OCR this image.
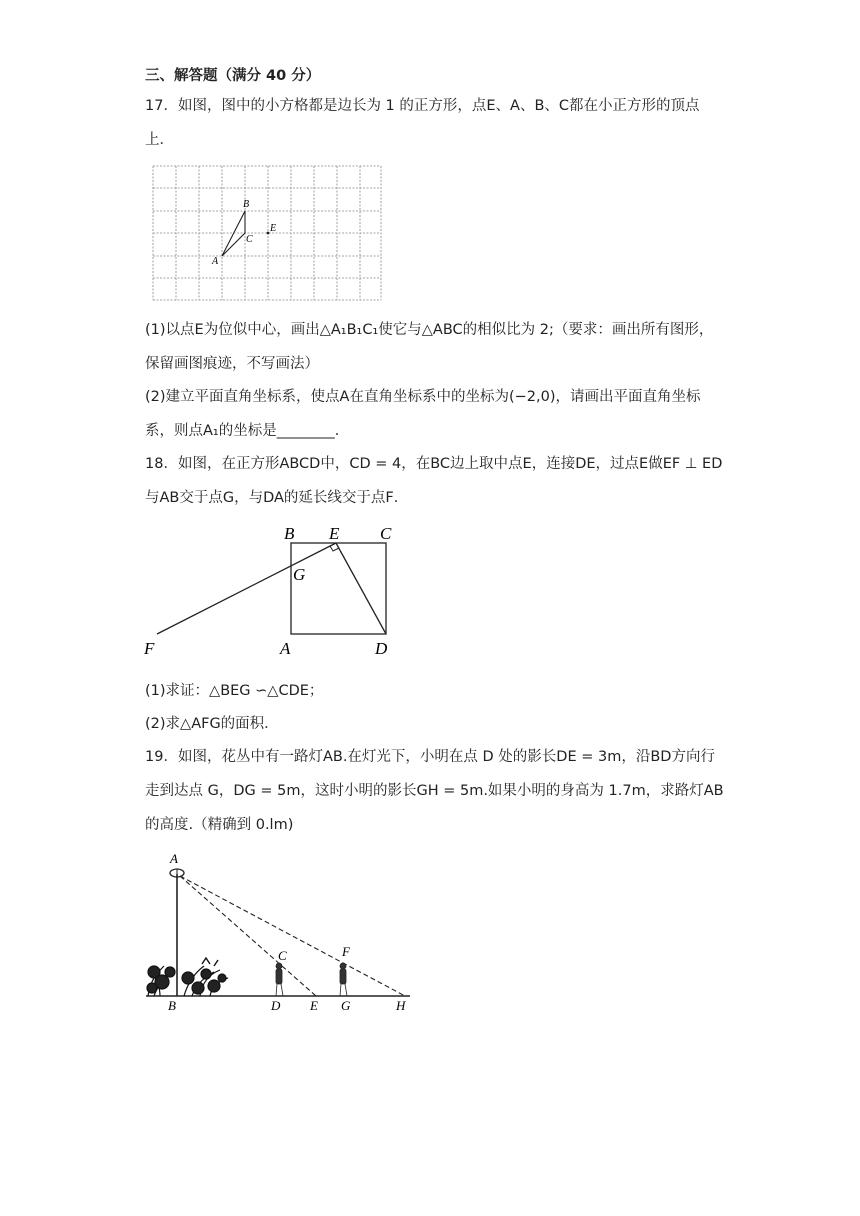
三、解答题（满分 40 分）
17．如图，图中的小方格都是边长为 1 的正方形，点E、A、B、C都在小正方形的顶点
上．
A
B
C
E
(1)以点E为位似中心，画出△A₁B₁C₁使它与△ABC的相似比为 2;（要求：画出所有图形，
保留画图痕迹，不写画法）
(2)建立平面直角坐标系，使点A在直角坐标系中的坐标为(−2,0)，请画出平面直角坐标
系，则点A₁的坐标是________．
18．如图，在正方形ABCD中，CD = 4，在BC边上取中点E，连接DE，过点E做EF ⊥ ED
与AB交于点G，与DA的延长线交于点F．
B E C
G
F	A	D
(1)求证：△BEG ∽△CDE；
(2)求△AFG的面积．
19．如图，花丛中有一路灯AB.在灯光下，小明在点 D 处的影长DE = 3m，沿BD方向行
走到达点 G，DG = 5m，这时小明的影长GH = 5m.如果小明的身高为 1.7m，求路灯AB
的高度.（精确到 0.lm)
A
B
C
D E
F
G	H
